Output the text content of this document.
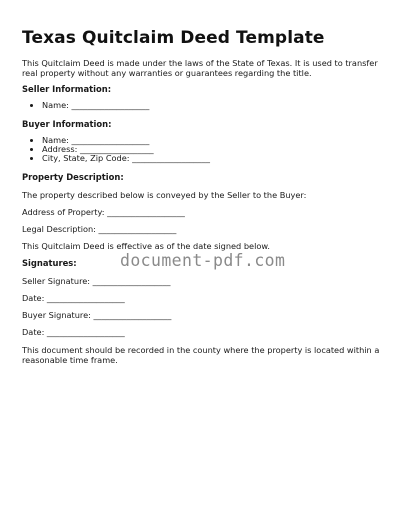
Texas Quitclaim Deed Template

This Quitclaim Deed is made under the laws of the State of Texas. It is used to transfer real property without any warranties or guarantees regarding the title.

Seller Information:
• Name: ___________________
Buyer Information:
• Name: ___________________
• Address: __________________
• City, State, Zip Code: ___________________
Property Description:
The property described below is conveyed by the Seller to the Buyer:
Address of Property: ___________________
Legal Description: ___________________
This Quitclaim Deed is effective as of the date signed below.
Signatures:
Seller Signature: ___________________
Date: ___________________
Buyer Signature: ___________________
Date: ___________________

This document should be recorded in the county where the property is located within a reasonable time frame.

document-pdf.com
